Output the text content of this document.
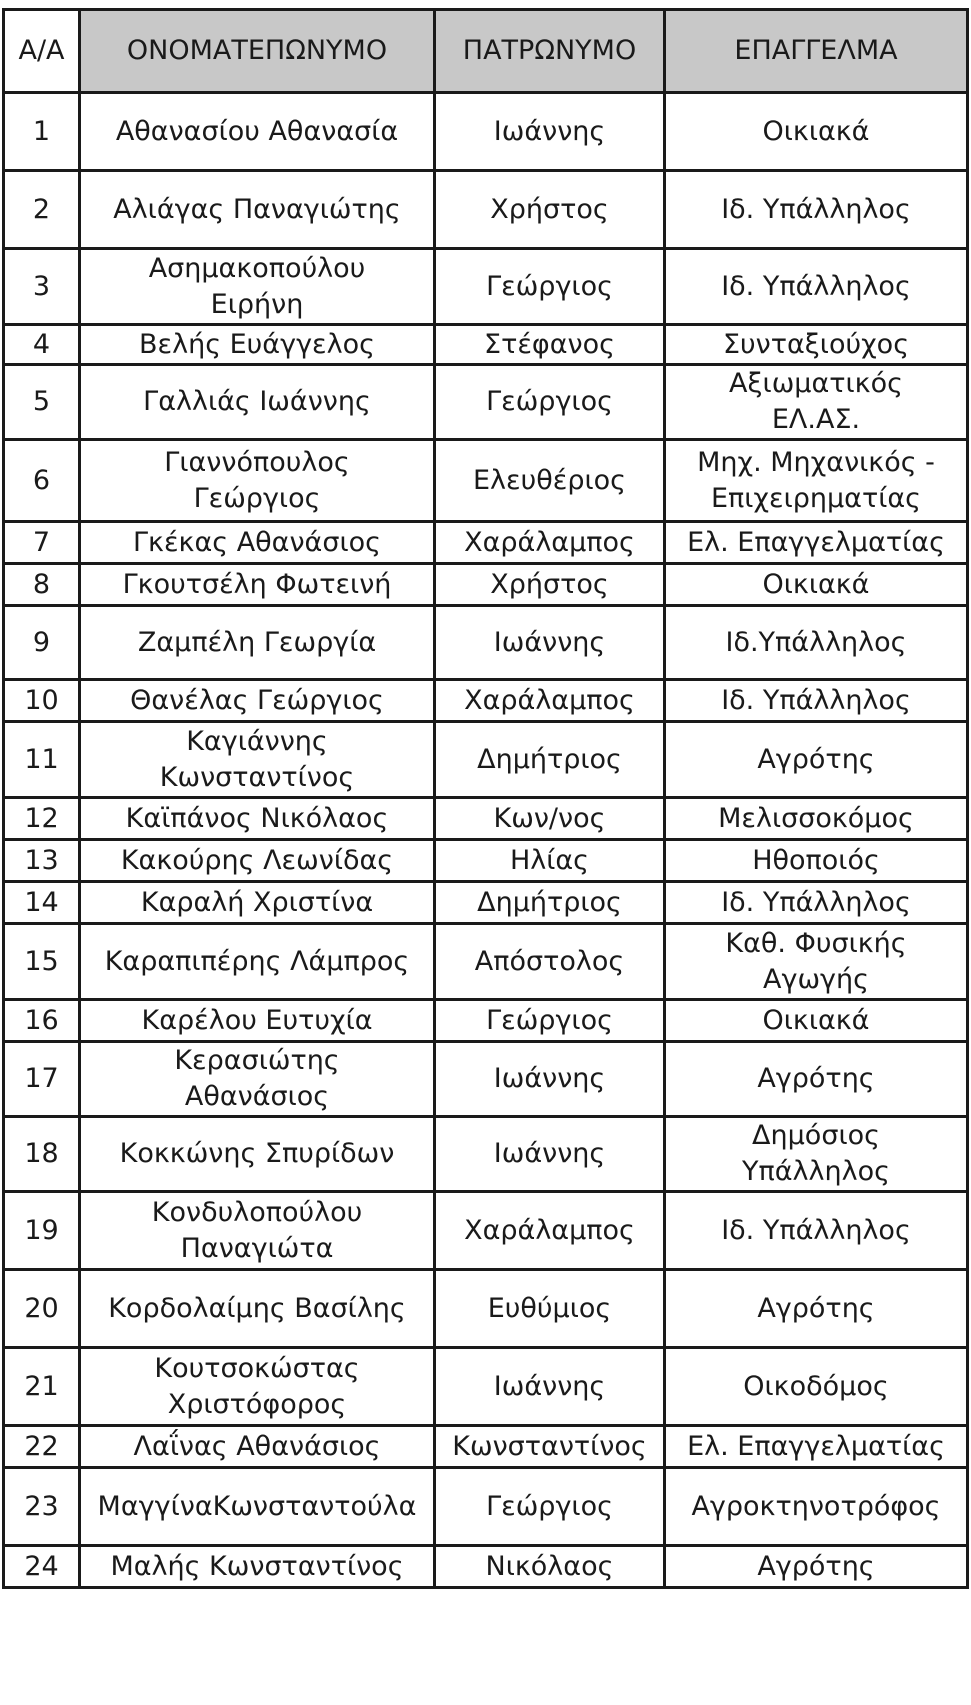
Α/Α	ΟΝΟΜΑΤΕΠΩΝΥΜΟ	ΠΑΤΡΩΝΥΜΟ	ΕΠΑΓΓΕΛΜΑ
1	Αθανασίου Αθανασία	Ιωάννης	Οικιακά
2	Αλιάγας Παναγιώτης	Χρήστος	Ιδ. Υπάλληλος
3	Ασημακοπούλου
Ειρήνη	Γεώργιος	Ιδ. Υπάλληλος
4	Βελής Ευάγγελος	Στέφανος	Συνταξιούχος
5	Γαλλιάς Ιωάννης	Γεώργιος	Αξιωματικός
ΕΛ.ΑΣ.
6	Γιαννόπουλος
Γεώργιος	Ελευθέριος	Μηχ. Μηχανικός -
Επιχειρηματίας
7	Γκέκας Αθανάσιος	Χαράλαμπος	Ελ. Επαγγελματίας
8	Γκουτσέλη Φωτεινή	Χρήστος	Οικιακά
9	Ζαμπέλη Γεωργία	Ιωάννης	Ιδ.Υπάλληλος
10	Θανέλας Γεώργιος	Χαράλαμπος	Ιδ. Υπάλληλος
11	Καγιάννης
Κωνσταντίνος	Δημήτριος	Αγρότης
12	Καϊπάνος Νικόλαος	Κων/νος	Μελισσοκόμος
13	Κακούρης Λεωνίδας	Ηλίας	Ηθοποιός
14	Καραλή Χριστίνα	Δημήτριος	Ιδ. Υπάλληλος
15	Καραπιπέρης Λάμπρος	Απόστολος	Καθ. Φυσικής
Αγωγής
16	Καρέλου Ευτυχία	Γεώργιος	Οικιακά
17	Κερασιώτης
Αθανάσιος	Ιωάννης	Αγρότης
18	Κοκκώνης Σπυρίδων	Ιωάννης	Δημόσιος
Υπάλληλος
19	Κονδυλοπούλου
Παναγιώτα	Χαράλαμπος	Ιδ. Υπάλληλος
20	Κορδολαίμης Βασίλης	Ευθύμιος	Αγρότης
21	Κουτσοκώστας
Χριστόφορος	Ιωάννης	Οικοδόμος
22	Λαΐνας Αθανάσιος	Κωνσταντίνος	Ελ. Επαγγελματίας
23	ΜαγγίναΚωνσταντούλα	Γεώργιος	Αγροκτηνοτρόφος
24	Μαλής Κωνσταντίνος	Νικόλαος	Αγρότης
